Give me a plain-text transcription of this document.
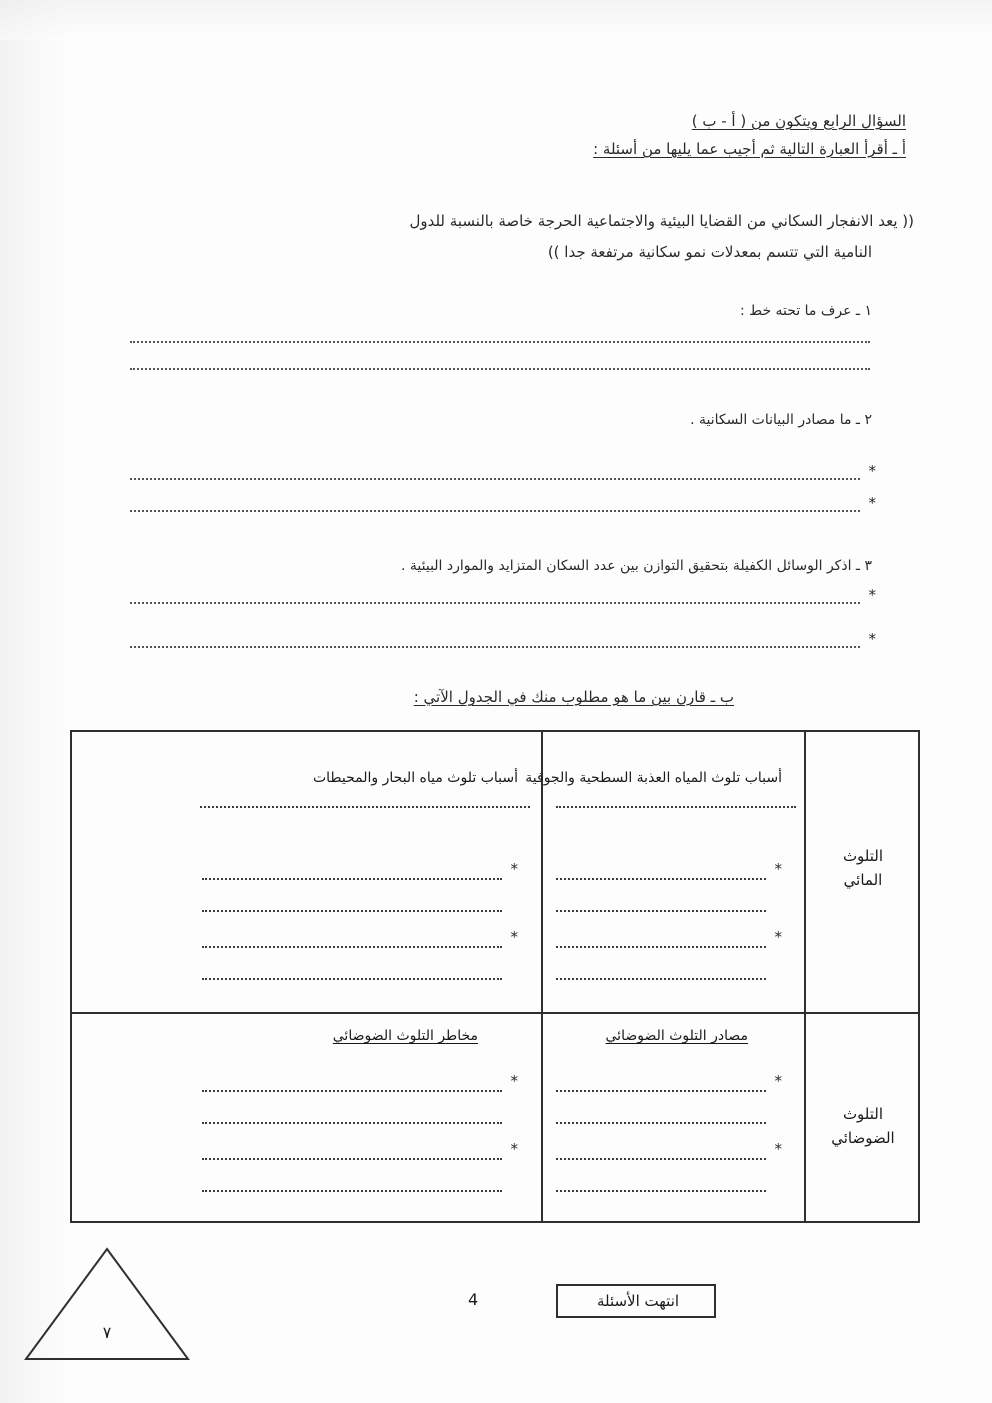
السؤال الرابع ويتكون من ( أ - ب )
أ ـ أقرأ العبارة التالية ثم أجيب عما يليها من أسئلة :
(( يعد الانفجار السكاني من القضايا البيئية والاجتماعية الحرجة خاصة بالنسبة للدول
النامية التي تتسم بمعدلات نمو سكانية مرتفعة جدا ))
١ ـ عرف ما تحته خط :
٢ ـ ما مصادر البيانات السكانية .
*
*
٣ ـ اذكر الوسائل الكفيلة بتحقيق التوازن بين عدد السكان المتزايد والموارد البيئية .
*
*
ب ـ قارن بين ما هو مطلوب منك في الجدول الآتي :
التلوث
المائي
أسباب تلوث المياه العذبة السطحية والجوفية
أسباب تلوث مياه البحار والمحيطات
*
*
*
*
التلوث
الضوضائي
مصادر التلوث الضوضائي
مخاطر التلوث الضوضائي
*
*
*
*
٧
4	انتهت الأسئلة
